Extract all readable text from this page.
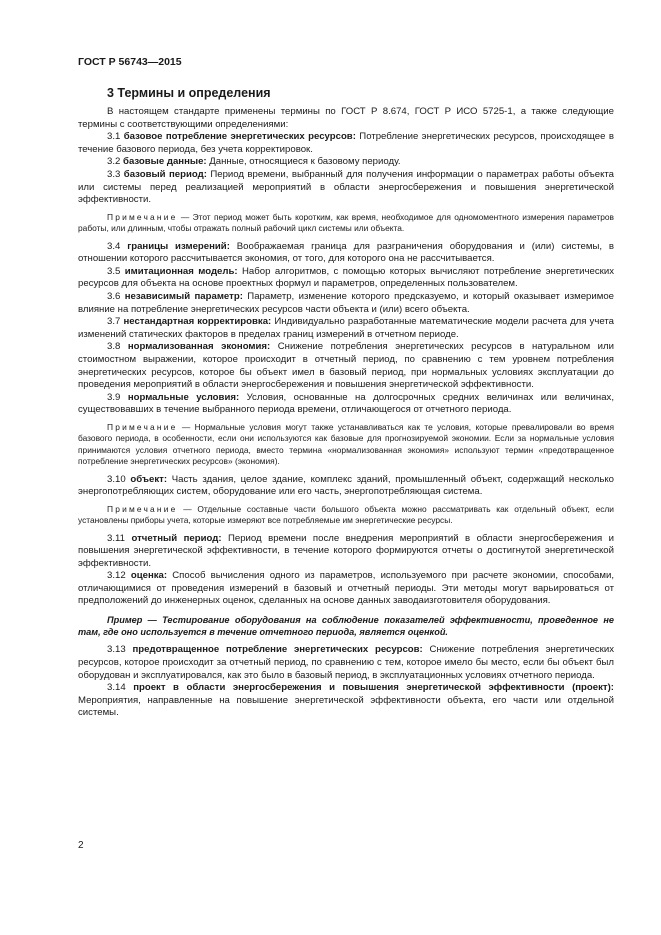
ГОСТ Р 56743—2015
3 Термины и определения

В настоящем стандарте применены термины по ГОСТ Р 8.674, ГОСТ Р ИСО 5725-1, а также следующие термины с соответствующими определениями:

3.1 базовое потребление энергетических ресурсов: Потребление энергетических ресурсов, происходящее в течение базового периода, без учета корректировок.

3.2 базовые данные: Данные, относящиеся к базовому периоду.

3.3 базовый период: Период времени, выбранный для получения информации о параметрах работы объекта или системы перед реализацией мероприятий в области энергосбережения и повышения энергетической эффективности.

Примечание — Этот период может быть коротким, как время, необходимое для одномоментного измерения параметров работы, или длинным, чтобы отражать полный рабочий цикл системы или объекта.

3.4 границы измерений: Воображаемая граница для разграничения оборудования и (или) системы, в отношении которого рассчитывается экономия, от того, для которого она не рассчитывается.

3.5 имитационная модель: Набор алгоритмов, с помощью которых вычисляют потребление энергетических ресурсов для объекта на основе проектных формул и параметров, определенных пользователем.

3.6 независимый параметр: Параметр, изменение которого предсказуемо, и который оказывает измеримое влияние на потребление энергетических ресурсов части объекта и (или) всего объекта.

3.7 нестандартная корректировка: Индивидуально разработанные математические модели расчета для учета изменений статических факторов в пределах границ измерений в отчетном периоде.

3.8 нормализованная экономия: Снижение потребления энергетических ресурсов в натуральном или стоимостном выражении, которое происходит в отчетный период, по сравнению с тем уровнем потребления энергетических ресурсов, которое бы объект имел в базовый период, при нормальных условиях эксплуатации до проведения мероприятий в области энергосбережения и повышения энергетической эффективности.

3.9 нормальные условия: Условия, основанные на долгосрочных средних величинах или величинах, существовавших в течение выбранного периода времени, отличающегося от отчетного периода.

Примечание — Нормальные условия могут также устанавливаться как те условия, которые превалировали во время базового периода, в особенности, если они используются как базовые для прогнозируемой экономии. Если за нормальные условия принимаются условия отчетного периода, вместо термина «нормализованная экономия» используют термин «предотвращенное потребление энергетических ресурсов» (экономия).

3.10 объект: Часть здания, целое здание, комплекс зданий, промышленный объект, содержащий несколько энергопотребляющих систем, оборудование или его часть, энергопотребляющая система.

Примечание — Отдельные составные части большого объекта можно рассматривать как отдельный объект, если установлены приборы учета, которые измеряют все потребляемые им энергетические ресурсы.

3.11 отчетный период: Период времени после внедрения мероприятий в области энергосбережения и повышения энергетической эффективности, в течение которого формируются отчеты о достигнутой энергетической эффективности.

3.12 оценка: Способ вычисления одного из параметров, используемого при расчете экономии, способами, отличающимися от проведения измерений в базовый и отчетный периоды. Эти методы могут варьироваться от предположений до инженерных оценок, сделанных на основе данных заводаизготовителя оборудования.

Пример — Тестирование оборудования на соблюдение показателей эффективности, проведенное не там, где оно используется в течение отчетного периода, является оценкой.

3.13 предотвращенное потребление энергетических ресурсов: Снижение потребления энергетических ресурсов, которое происходит за отчетный период, по сравнению с тем, которое имело бы место, если бы объект был оборудован и эксплуатировался, как это было в базовый период, в эксплуатационных условиях отчетного периода.

3.14 проект в области энергосбережения и повышения энергетической эффективности (проект): Мероприятия, направленные на повышение энергетической эффективности объекта, его части или отдельной системы.

2
